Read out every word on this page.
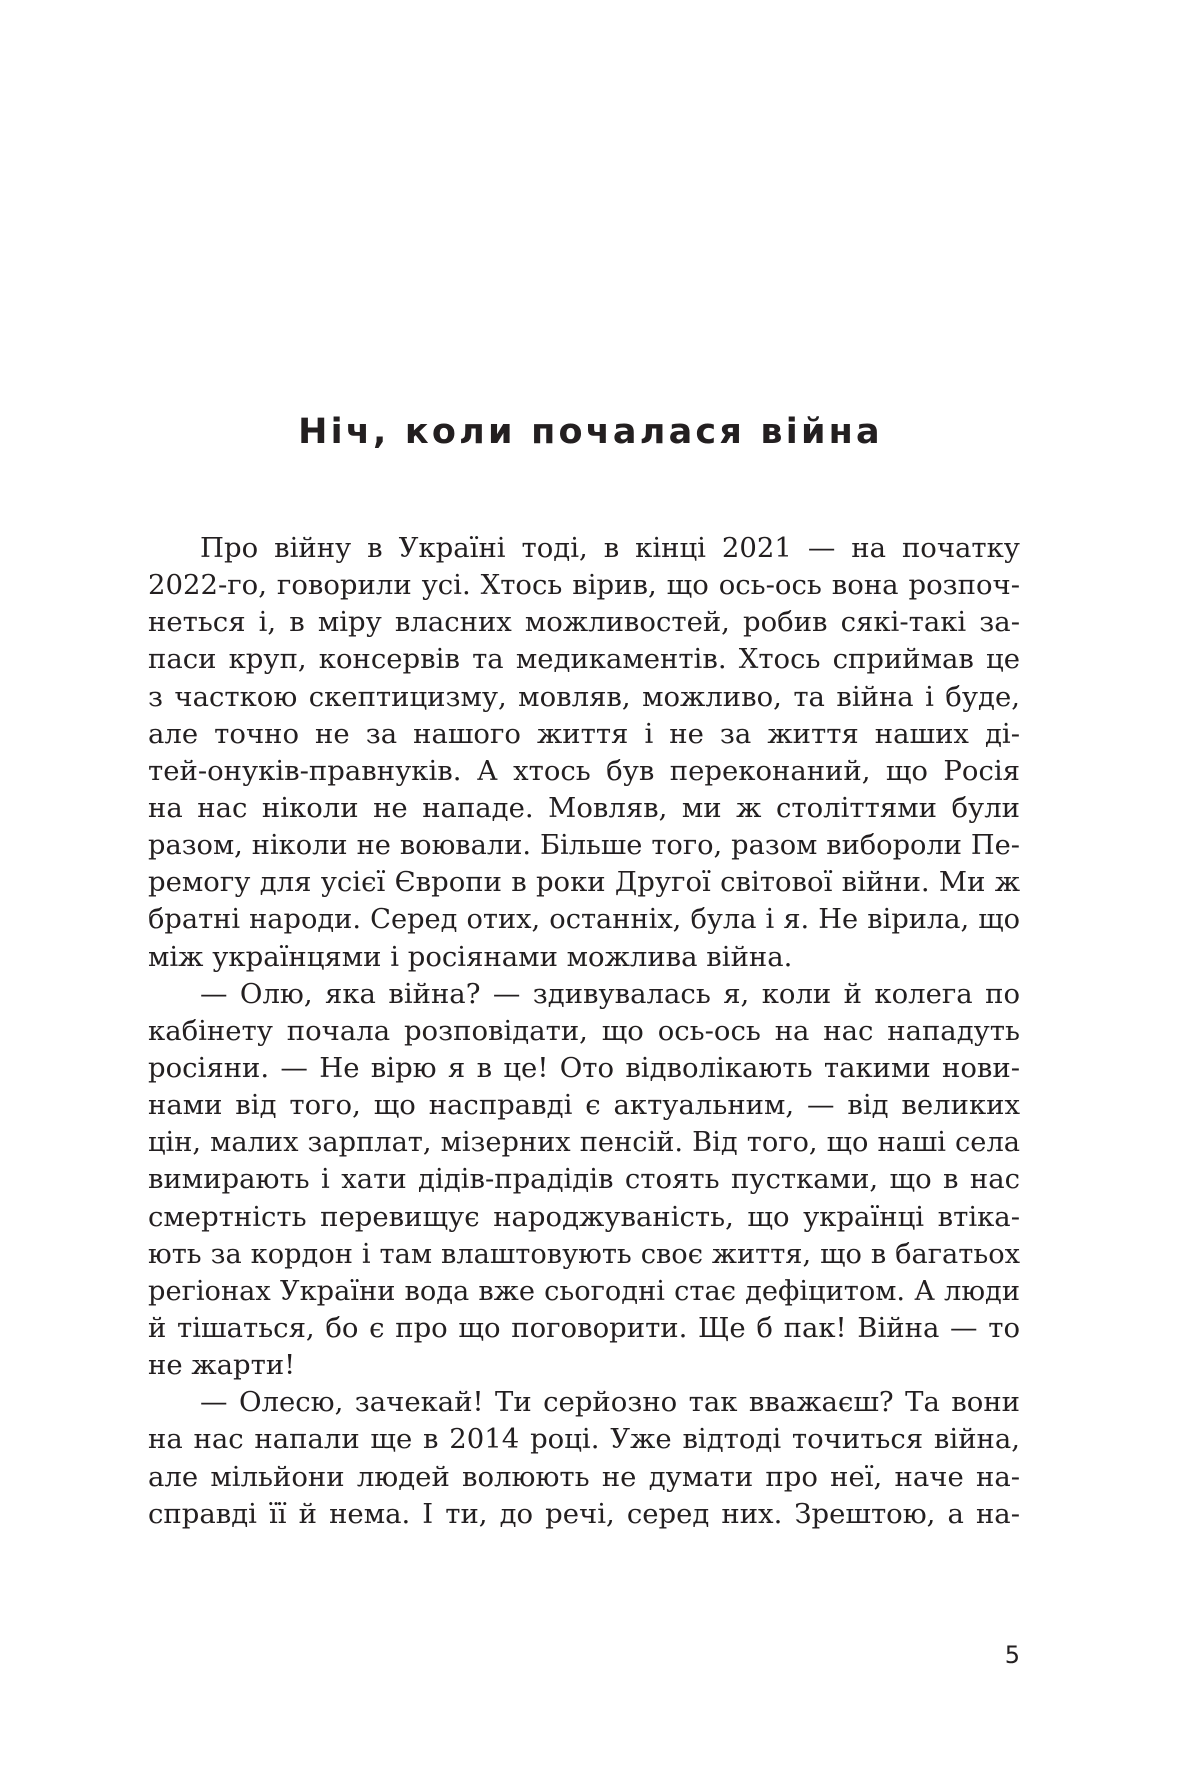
Ніч, коли почалася війна
Про війну в Україні тоді, в кінці 2021 — на початку
2022-го, говорили усі. Хтось вірив, що ось-ось вона розпоч-
неться і, в міру власних можливостей, робив сякі-такі за-
паси круп, консервів та медикаментів. Хтось сприймав це
з часткою скептицизму, мовляв, можливо, та війна і буде,
але точно не за нашого життя і не за життя наших ді-
тей-онуків-правнуків. А хтось був переконаний, що Росія
на нас ніколи не нападе. Мовляв, ми ж століттями були
разом, ніколи не воювали. Більше того, разом вибороли Пе-
ремогу для усієї Європи в роки Другої світової війни. Ми ж
братні народи. Серед отих, останніх, була і я. Не вірила, що
між українцями і росіянами можлива війна.
— Олю, яка війна? — здивувалась я, коли й колега по
кабінету почала розповідати, що ось-ось на нас нападуть
росіяни. — Не вірю я в це! Ото відволікають такими нови-
нами від того, що насправді є актуальним, — від великих
цін, малих зарплат, мізерних пенсій. Від того, що наші села
вимирають і хати дідів-прадідів стоять пустками, що в нас
смертність перевищує народжуваність, що українці втіка-
ють за кордон і там влаштовують своє життя, що в багатьох
регіонах України вода вже сьогодні стає дефіцитом. А люди
й тішаться, бо є про що поговорити. Ще б пак! Війна — то
не жарти!
— Олесю, зачекай! Ти серйозно так вважаєш? Та вони
на нас напали ще в 2014 році. Уже відтоді точиться війна,
але мільйони людей волюють не думати про неї, наче на-
справді її й нема. І ти, до речі, серед них. Зрештою, а на-
5
